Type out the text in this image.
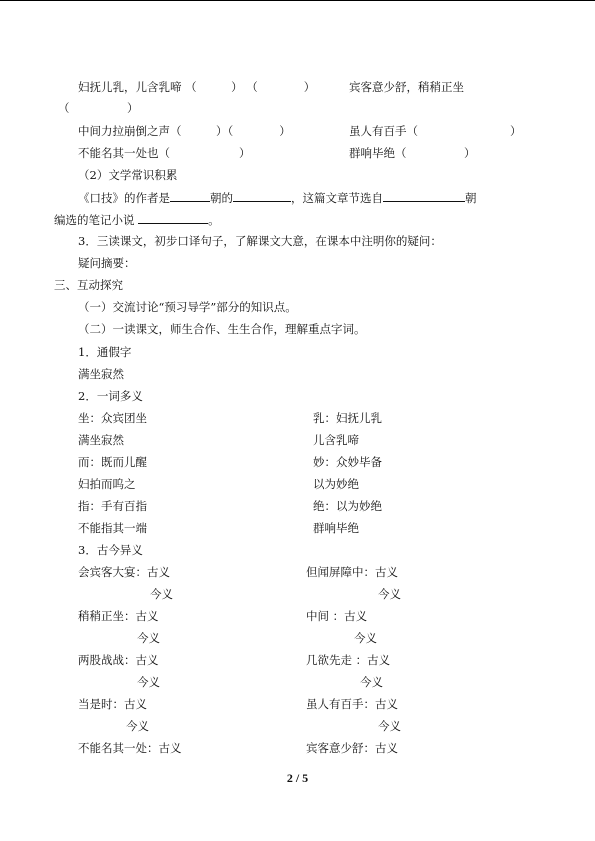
妇抚儿乳，儿含乳啼 （　　　） （　　　　）	宾客意少舒，稍稍正坐
（　　　　　）
中间力拉崩倒之声（　　　）（　　　　）	虽人有百手（　　　　　　　　）
不能名其一处也（　　　　　　）	群响毕绝（　　　　　）
（2）文学常识积累
《口技》的作者是	朝的	，这篇文章节选自	朝
编选的笔记小说	。
3．三读课文，初步口译句子，了解课文大意，在课本中注明你的疑问：
疑问摘要：
三、互动探究
（一）交流讨论“预习导学”部分的知识点。
（二）一读课文，师生合作、生生合作，理解重点字词。
1．通假字
满坐寂然
2．一词多义
坐：众宾团坐	乳：妇抚儿乳
满坐寂然	儿含乳啼
而：既而儿醒	妙：众妙毕备
妇拍而呜之	以为妙绝
指：手有百指	绝：以为妙绝
不能指其一端	群响毕绝
3．古今异义
会宾客大宴：古义	但闻屏障中：古义
今义	今义
稍稍正坐：古义	中间 ：古义
今义	今义
两股战战：古义	几欲先走 ：古义
今义	今义
当是时：古义	虽人有百手：古义
今义	今义
不能名其一处：古义	宾客意少舒：古义
2 / 5
